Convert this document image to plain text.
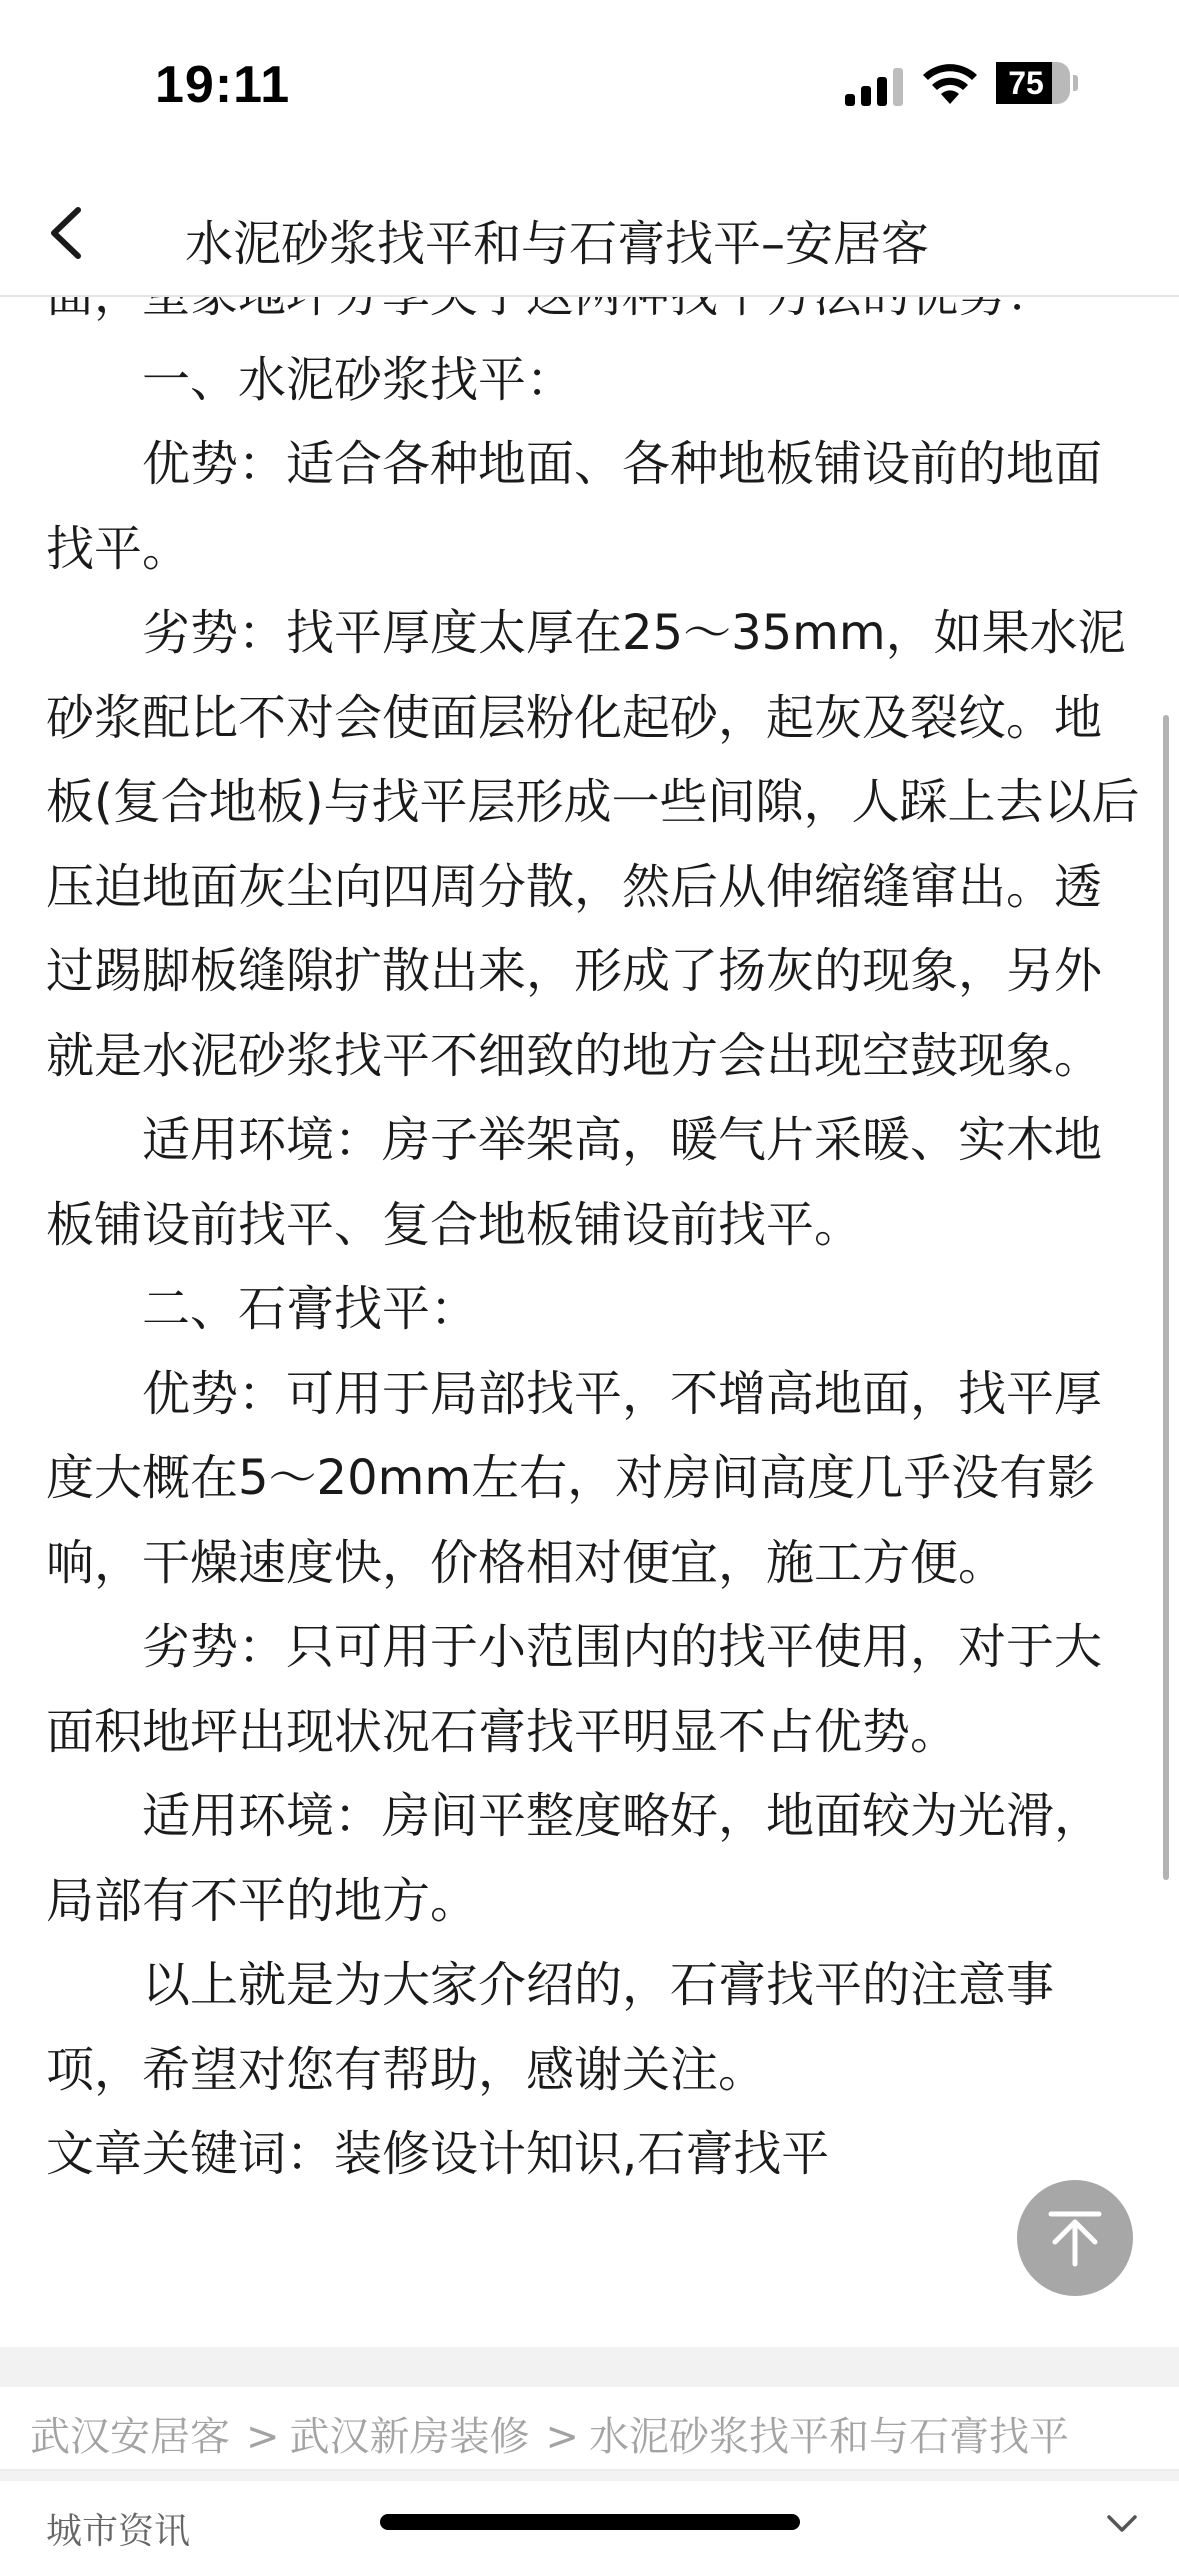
19:11	75
水泥砂浆找平和与石膏找平–安居客

一、水泥砂浆找平：

优势：适合各种地面、各种地板铺设前的地面找平。

劣势：找平厚度太厚在25～35mm，如果水泥砂浆配比不对会使面层粉化起砂，起灰及裂纹。地板(复合地板)与找平层形成一些间隙，人踩上去以后压迫地面灰尘向四周分散，然后从伸缩缝窜出。透过踢脚板缝隙扩散出来，形成了扬灰的现象，另外就是水泥砂浆找平不细致的地方会出现空鼓现象。

适用环境：房子举架高，暖气片采暖、实木地板铺设前找平、复合地板铺设前找平。

二、石膏找平：

优势：可用于局部找平，不增高地面，找平厚度大概在5～20mm左右，对房间高度几乎没有影响，干燥速度快，价格相对便宜，施工方便。

劣势：只可用于小范围内的找平使用，对于大面积地坪出现状况石膏找平明显不占优势。

适用环境：房间平整度略好，地面较为光滑，局部有不平的地方。

以上就是为大家介绍的，石膏找平的注意事项，希望对您有帮助，感谢关注。

文章关键词：装修设计知识,石膏找平

武汉安居客 > 武汉新房装修 > 水泥砂浆找平和与石膏找平
城市资讯
